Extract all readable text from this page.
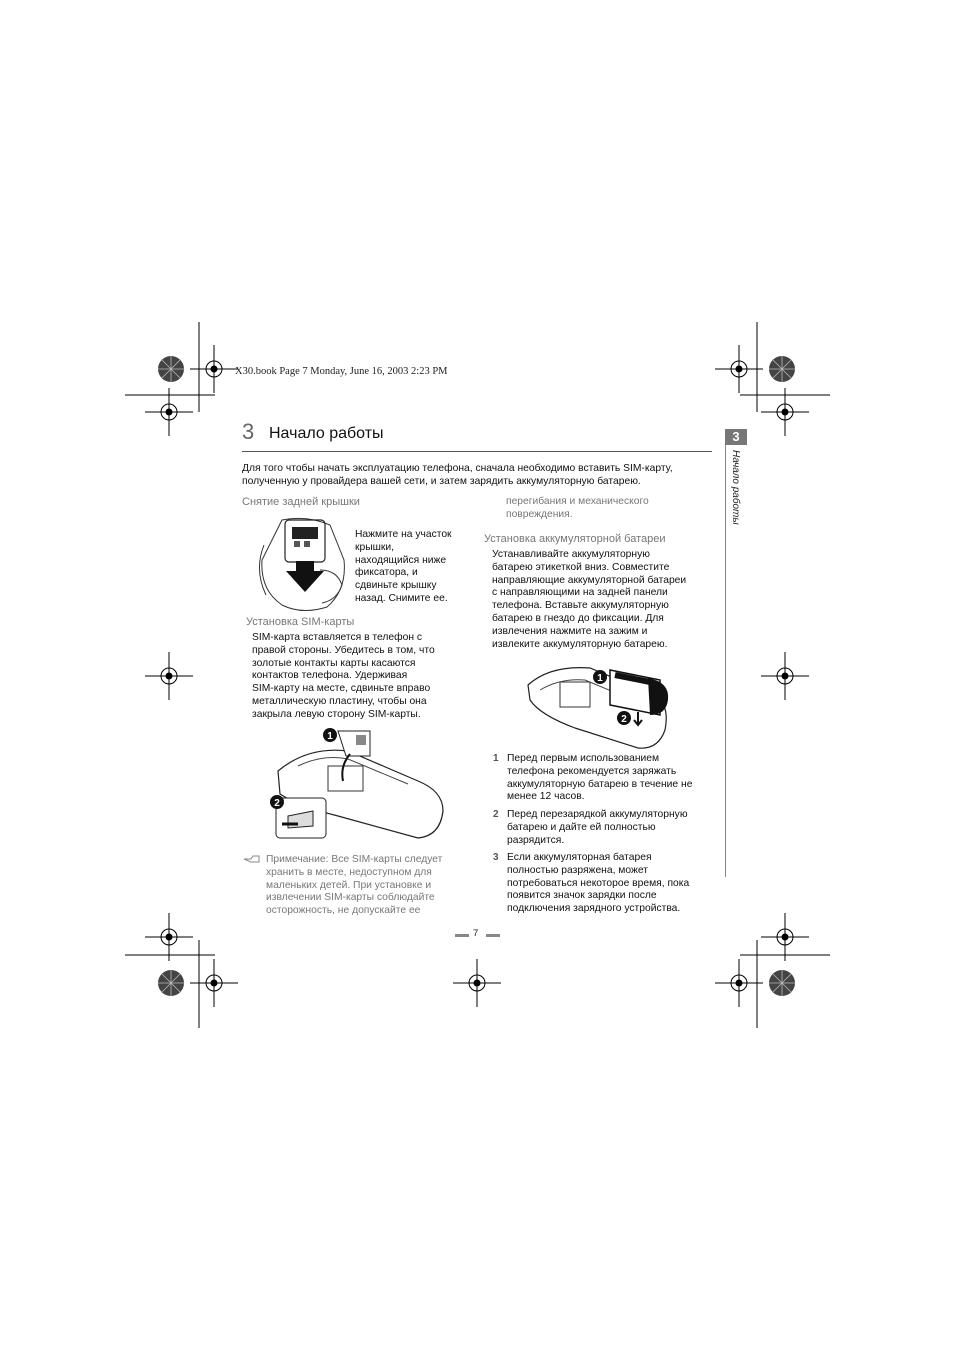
X30.book Page 7 Monday, June 16, 2003 2:23 PM
3 Начало работы	3
Начало работы
Для того чтобы начать эксплуатацию телефона, сначала необходимо вставить SIM-карту, полученную у провайдера вашей сети, и затем зарядить аккумуляторную батарею.
Снятие задней крышки
Нажмите на участок
крышки,
находящийся ниже
фиксатора, и
сдвиньте крышку
назад. Снимите ее.
Установка SIM-карты
SIM-карта вставляется в телефон с
правой стороны. Убедитесь в том, что
золотые контакты карты касаются
контактов телефона. Удерживая
SIM-карту на месте, сдвиньте вправо
металлическую пластину, чтобы она
закрыла левую сторону SIM-карты.
1
2
Примечание: Все SIM-карты следует
хранить в месте, недоступном для
маленьких детей. При установке и
извлечении SIM-карты соблюдайте
осторожность, не допускайте ее
перегибания и механического
повреждения.
Установка аккумуляторной батареи
Устанавливайте аккумуляторную
батарею этикеткой вниз. Совместите
направляющие аккумуляторной батареи
с направляющими на задней панели
телефона. Вставьте аккумуляторную
батарею в гнездо до фиксации. Для
извлечения нажмите на зажим и
извлеките аккумуляторную батарею.
1
2
1 Перед первым использованием
телефона рекомендуется заряжать
аккумуляторную батарею в течение не
менее 12 часов.
2 Перед перезарядкой аккумуляторную
батарею и дайте ей полностью
разрядится.
3 Если аккумуляторная батарея
полностью разряжена, может
потребоваться некоторое время, пока
появится значок зарядки после
подключения зарядного устройства.
7
